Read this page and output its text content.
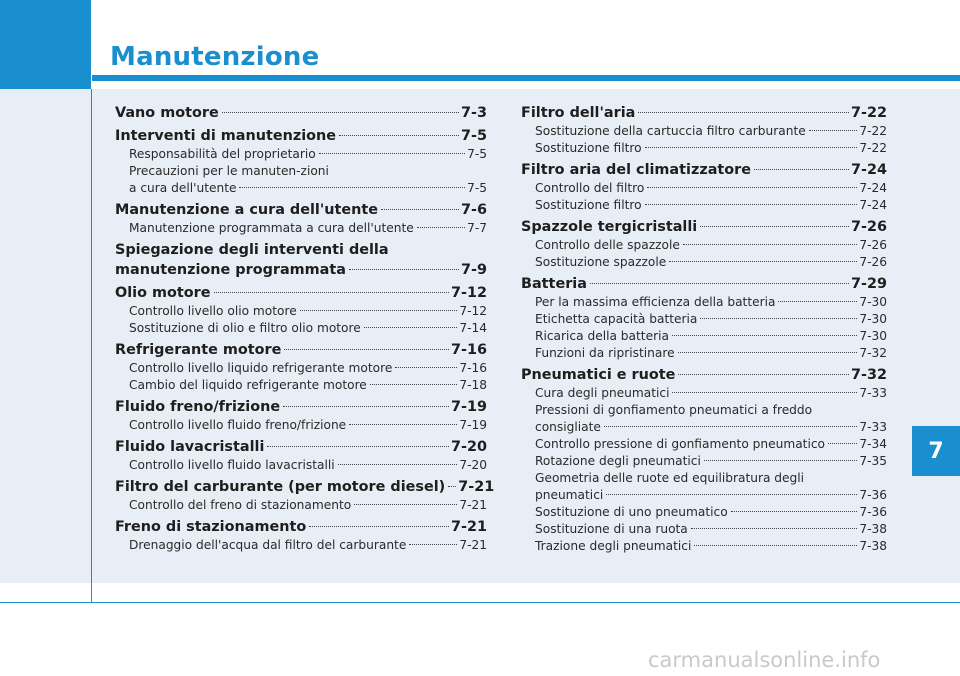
Manutenzione
7
Vano motore	7-3
Interventi di manutenzione	7-5
Responsabilità del proprietario	7-5
Precauzioni per le manuten-zioni
a cura dell'utente	7-5
Manutenzione a cura dell'utente	7-6
Manutenzione programmata a cura dell'utente	7-7
Spiegazione degli interventi della
manutenzione programmata	7-9
Olio motore	7-12
Controllo livello olio motore	7-12
Sostituzione di olio e filtro olio motore	7-14
Refrigerante motore	7-16
Controllo livello liquido refrigerante motore	7-16
Cambio del liquido refrigerante motore	7-18
Fluido freno/frizione	7-19
Controllo livello fluido freno/frizione	7-19
Fluido lavacristalli	7-20
Controllo livello fluido lavacristalli	7-20
Filtro del carburante (per motore diesel) 7-21
Controllo del freno di stazionamento	7-21
Freno di stazionamento	7-21
Drenaggio dell'acqua dal filtro del carburante	7-21
Filtro dell'aria	7-22
Sostituzione della cartuccia filtro carburante	7-22
Sostituzione filtro	7-22
Filtro aria del climatizzatore	7-24
Controllo del filtro	7-24
Sostituzione filtro	7-24
Spazzole tergicristalli	7-26
Controllo delle spazzole	7-26
Sostituzione spazzole	7-26
Batteria	7-29
Per la massima efficienza della batteria	7-30
Etichetta capacità batteria	7-30
Ricarica della batteria	7-30
Funzioni da ripristinare	7-32
Pneumatici e ruote	7-32
Cura degli pneumatici	7-33
Pressioni di gonfiamento pneumatici a freddo
consigliate	7-33
Controllo pressione di gonfiamento pneumatico	7-34
Rotazione degli pneumatici	7-35
Geometria delle ruote ed equilibratura degli
pneumatici	7-36
Sostituzione di uno pneumatico	7-36
Sostituzione di una ruota	7-38
Trazione degli pneumatici	7-38
carmanualsonline.info
